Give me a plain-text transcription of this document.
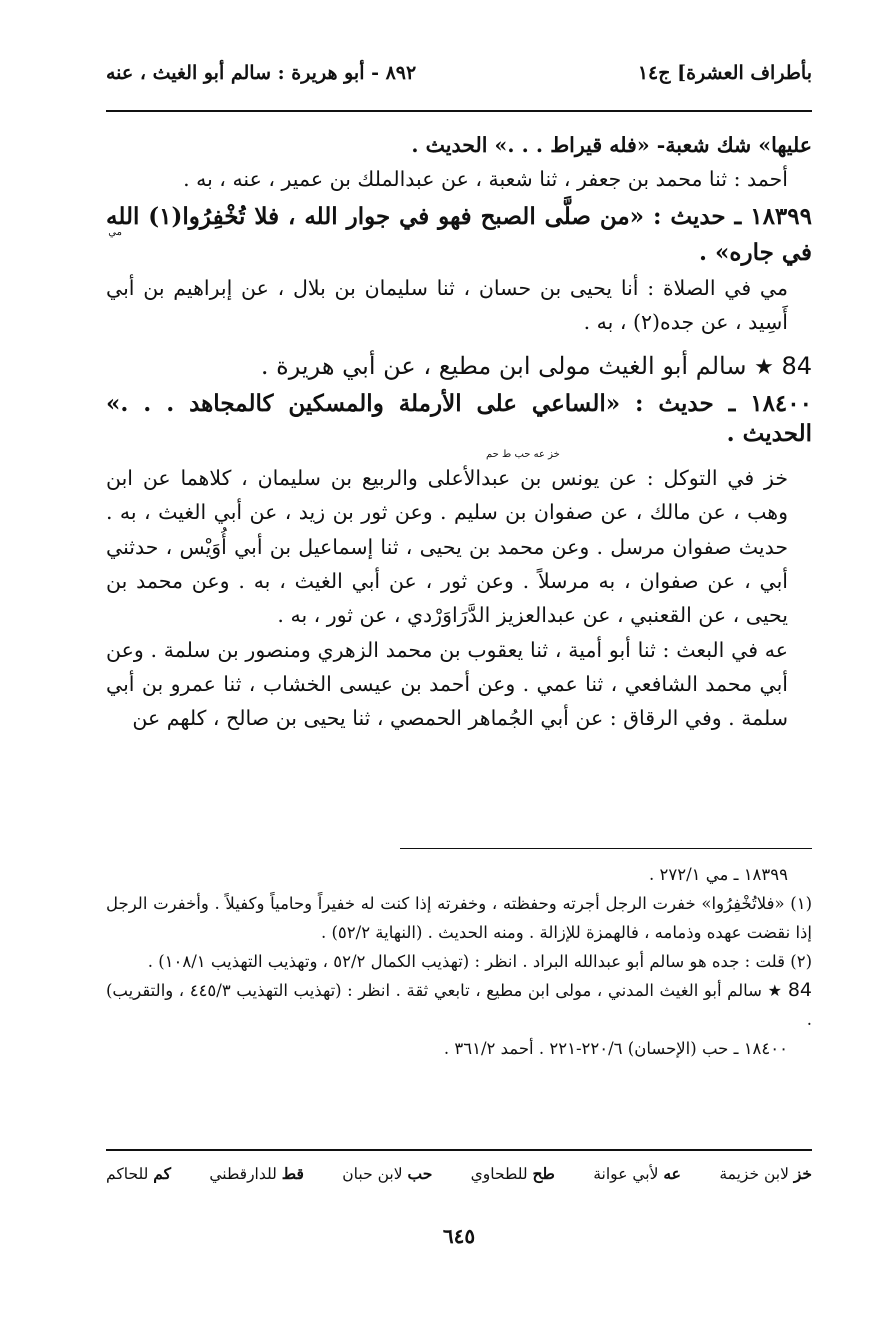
بأطراف العشرة] ج١٤
٨٩٢ - أبو هريرة : سالم أبو الغيث ، عنه

عليها» شك شعبة- «فله قيراط . . .» الحديث .

أحمد : ثنا محمد بن جعفر ، ثنا شعبة ، عن عبدالملك بن عمير ، عنه ، به .

١٨٣٩٩ ـ حديث : «من صلَّى الصبح فهو في جوار الله ، فلا تُخْفِرُوا(١) الله في جاره» .

مي

مي في الصلاة : أنا يحيى بن حسان ، ثنا سليمان بن بلال ، عن إبراهيم بن أبي أَسِيد ، عن جده(٢) ، به .

84 ★ سالم أبو الغيث مولى ابن مطيع ، عن أبي هريرة .

١٨٤٠٠ ـ حديث : «الساعي على الأرملة والمسكين كالمجاهد . . .» الحديث .

خز عه حب ط حم

خز في التوكل : عن يونس بن عبدالأعلى والربيع بن سليمان ، كلاهما عن ابن وهب ، عن مالك ، عن صفوان بن سليم . وعن ثور بن زيد ، عن أبي الغيث ، به . حديث صفوان مرسل . وعن محمد بن يحيى ، ثنا إسماعيل بن أبي أُوَيْس ، حدثني أبي ، عن صفوان ، به مرسلاً . وعن ثور ، عن أبي الغيث ، به . وعن محمد بن يحيى ، عن القعنبي ، عن عبدالعزيز الدَّرَاوَرْدي ، عن ثور ، به .

عه في البعث : ثنا أبو أمية ، ثنا يعقوب بن محمد الزهري ومنصور بن سلمة . وعن أبي محمد الشافعي ، ثنا عمي . وعن أحمد بن عيسى الخشاب ، ثنا عمرو بن أبي سلمة . وفي الرقاق : عن أبي الجُماهر الحمصي ، ثنا يحيى بن صالح ، كلهم عن

١٨٣٩٩ ـ مي ٢٧٢/١ .

(١) «فلاتُخْفِرُوا» خفرت الرجل أجرته وحفظته ، وخفرته إذا كنت له خفيراً وحامياً وكفيلاً . وأخفرت الرجل إذا نقضت عهده وذمامه ، فالهمزة للإزالة . ومنه الحديث . (النهاية ٥٢/٢) .

(٢) قلت : جده هو سالم أبو عبدالله البراد . انظر : (تهذيب الكمال ٥٢/٢ ، وتهذيب التهذيب ١٠٨/١) .

84 ★ سالم أبو الغيث المدني ، مولى ابن مطيع ، تابعي ثقة . انظر : (تهذيب التهذيب ٤٤٥/٣ ، والتقريب) .

١٨٤٠٠ ـ حب (الإحسان) ٢٢٠/٦-٢٢١ . أحمد ٣٦١/٢ .

خز لابن خزيمة
عه لأبي عوانة
طح للطحاوي
حب لابن حبان
قط للدارقطني
كم للحاكم
٦٤٥
